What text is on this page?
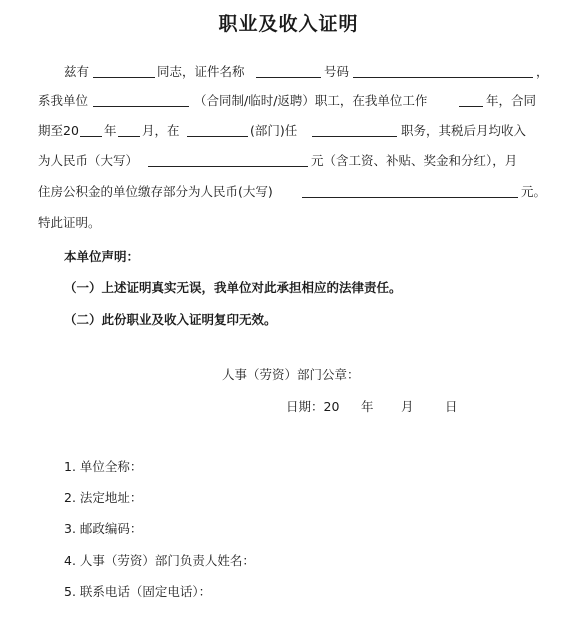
职业及收入证明
兹有	同志，证件名称	号码	，
系我单位	（合同制/临时/返聘）职工，在我单位工作	年，合同
期至20 年 月，在	(部门)任	职务，其税后月均收入
为人民币（大写）	元（含工资、补贴、奖金和分红），月
住房公积金的单位缴存部分为人民币(大写)	元。
特此证明。
本单位声明：
（一）上述证明真实无误，我单位对此承担相应的法律责任。
（二）此份职业及收入证明复印无效。
人事（劳资）部门公章：
日期：20 年 月	日
1. 单位全称：
2. 法定地址：
3. 邮政编码：
4. 人事（劳资）部门负责人姓名：
5. 联系电话（固定电话）：
